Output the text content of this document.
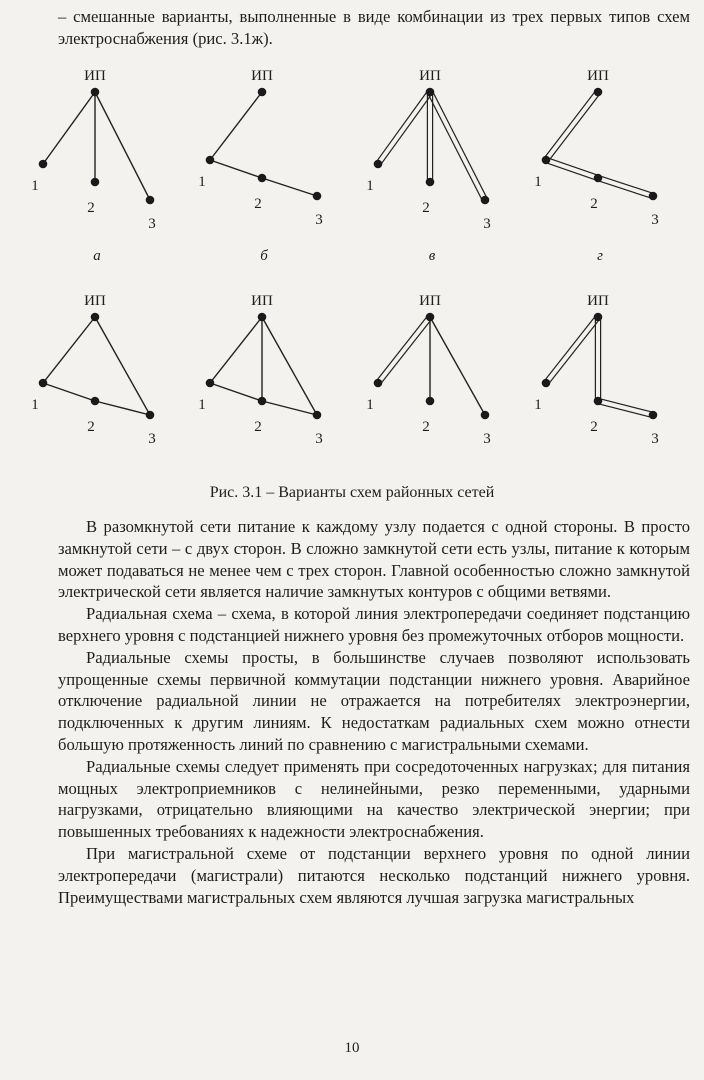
– смешанные варианты, выполненные в виде комбинации из трех первых типов схем электроснабжения (рис. 3.1ж).

ИП
1
2
3
а
ИП
1
2
3
б
ИП
1
2
3
в
ИП
1
2
3
г
ИП
1
2
3
ИП
1
2
3
ИП
1
2
3
ИП
1
2
3
Рис. 3.1 – Варианты схем районных сетей

В разомкнутой сети питание к каждому узлу подается с одной стороны. В просто замкнутой сети – с двух сторон. В сложно замкнутой сети есть узлы, питание к которым может подаваться не менее чем с трех сторон. Главной особенностью сложно замкнутой электрической сети является наличие замкнутых контуров с общими ветвями.

Радиальная схема – схема, в которой линия электропередачи соединяет подстанцию верхнего уровня с подстанцией нижнего уровня без промежуточных отборов мощности.

Радиальные схемы просты, в большинстве случаев позволяют использовать упрощенные схемы первичной коммутации подстанции нижнего уровня. Аварийное отключение радиальной линии не отражается на потребителях электроэнергии, подключенных к другим линиям. К недостаткам радиальных схем можно отнести большую протяженность линий по сравнению с магистральными схемами.

Радиальные схемы следует применять при сосредоточенных нагрузках; для питания мощных электроприемников с нелинейными, резко переменными, ударными нагрузками, отрицательно влияющими на качество электрической энергии; при повышенных требованиях к надежности электроснабжения.

При магистральной схеме от подстанции верхнего уровня по одной линии электропередачи (магистрали) питаются несколько подстанций нижнего уровня. Преимуществами магистральных схем являются лучшая загрузка магистральных

10
